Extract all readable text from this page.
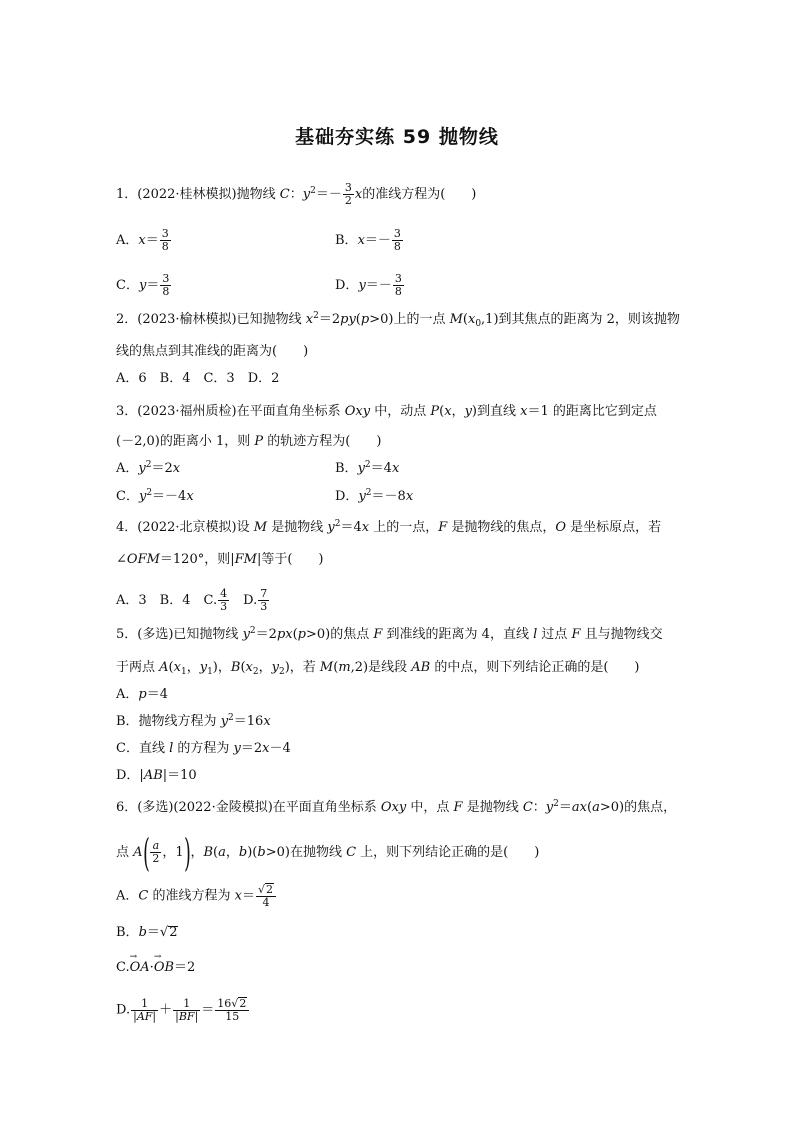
基础夯实练 59 抛物线
1．(2022·桂林模拟)抛物线 C：$y^2=- \frac{3}{2}$ x的准线方程为(　　)
A．$x= \frac{3}{8}$	B．$x=- \frac{3}{8}$
C．$y= \frac{3}{8}$	D．$y=- \frac{3}{8}$
2．(2023·榆林模拟)已知抛物线 $x^2=2py(p>0)$上的一点 $M(x_0,1)$到其焦点的距离为 2，则该抛物
线的焦点到其准线的距离为(　　)
A．6　B．4　C．3　D．2
3．(2023·福州质检)在平面直角坐标系 Oxy 中，动点 P(x，y)到直线 x＝1 的距离比它到定点
(－2,0)的距离小 1，则 P 的轨迹方程为(　　)
A．$y^2=2x$	B．$y^2=4x$
C．$y^2=-4x$	D．$y^2=-8x$
4．(2022·北京模拟)设 M 是抛物线 $y^2=4x$ 上的一点，F 是抛物线的焦点，O 是坐标原点，若
∠OFM＝120°，则|FM|等于(　　)
A．3　B．4　C. $\frac{4}{3}$ 　D. $\frac{7}{3}$
5．(多选)已知抛物线 $y^2=2px(p>0)$的焦点 F 到准线的距离为 4，直线 l 过点 F 且与抛物线交
于两点 $A(x_1$，$y_1$)，$B(x_2$，$y_2$)，若 M(m,2)是线段 AB 的中点，则下列结论正确的是(　　)
A．p＝4
B．抛物线方程为 $y^2=16x$
C．直线 l 的方程为 y＝2x－4
D．|AB|＝10
6．(多选)(2022·金陵模拟)在平面直角坐标系 Oxy 中，点 F 是抛物线 C：$y^2=ax(a>0)$的焦点，
点 $A( \frac{a}{2}$ ，1)，B(a，b)(b>0)在抛物线 C 上，则下列结论正确的是(　　)
A．C 的准线方程为 $x= \frac{√2}{4}$
B．b＝√2
C.→ OA·→ OB＝2
D. $\frac{1}{|AF|} + \frac{1}{|BF|} = \frac{16√2}{15}$
